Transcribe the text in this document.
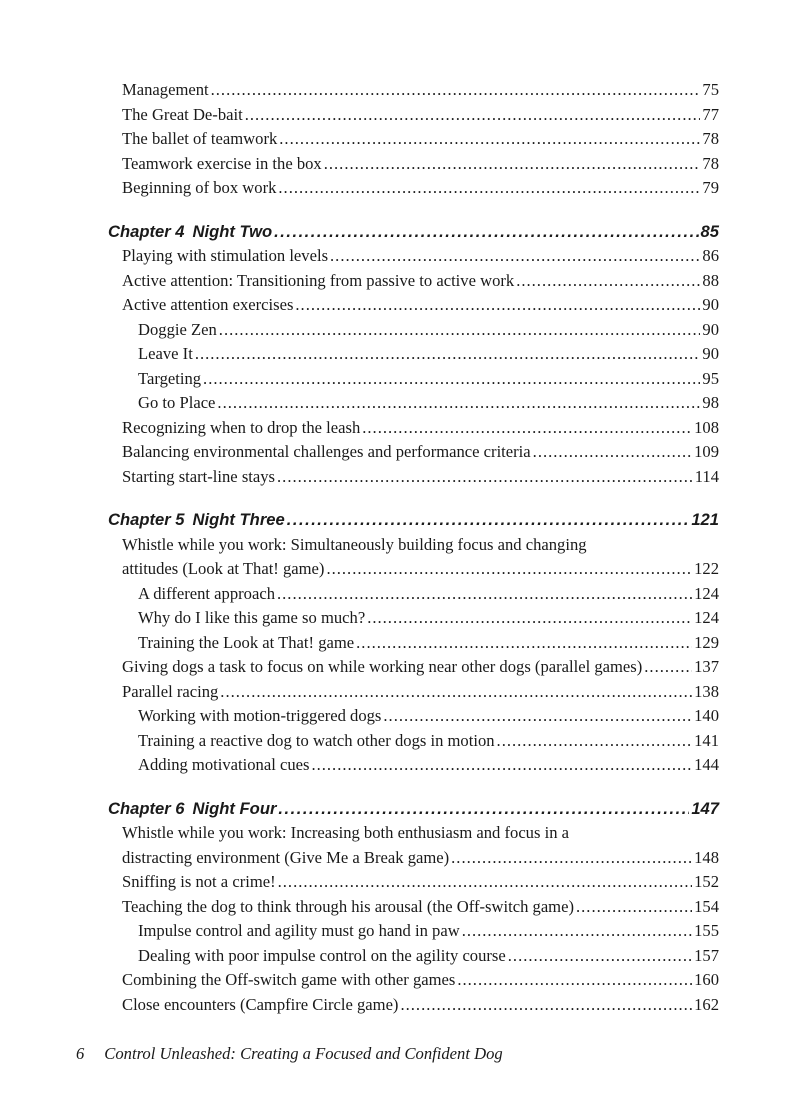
Management .....	75
The Great De-bait .....	77
The ballet of teamwork .....	78
Teamwork exercise in the box .....	78
Beginning of box work .....	79
Chapter 4 Night Two .....	85
Playing with stimulation levels .....	86
Active attention: Transitioning from passive to active work .....	88
Active attention exercises .....	90
Doggie Zen .....	90
Leave It .....	90
Targeting .....	95
Go to Place .....	98
Recognizing when to drop the leash .....	108
Balancing environmental challenges and performance criteria .....	109
Starting start-line stays .....	114
Chapter 5 Night Three .....	121
Whistle while you work: Simultaneously building focus and changing
attitudes (Look at That! game) .....	122
A different approach .....	124
Why do I like this game so much? .....	124
Training the Look at That! game .....	129
Giving dogs a task to focus on while working near other dogs (parallel games) .....	137
Parallel racing .....	138
Working with motion-triggered dogs .....	140
Training a reactive dog to watch other dogs in motion .....	141
Adding motivational cues .....	144
Chapter 6 Night Four .....	147
Whistle while you work: Increasing both enthusiasm and focus in a
distracting environment (Give Me a Break game) .....	148
Sniffing is not a crime! .....	152
Teaching the dog to think through his arousal (the Off-switch game) .....	154
Impulse control and agility must go hand in paw .....	155
Dealing with poor impulse control on the agility course .....	157
Combining the Off-switch game with other games .....	160
Close encounters (Campfire Circle game) .....	162
6 Control Unleashed: Creating a Focused and Confident Dog
